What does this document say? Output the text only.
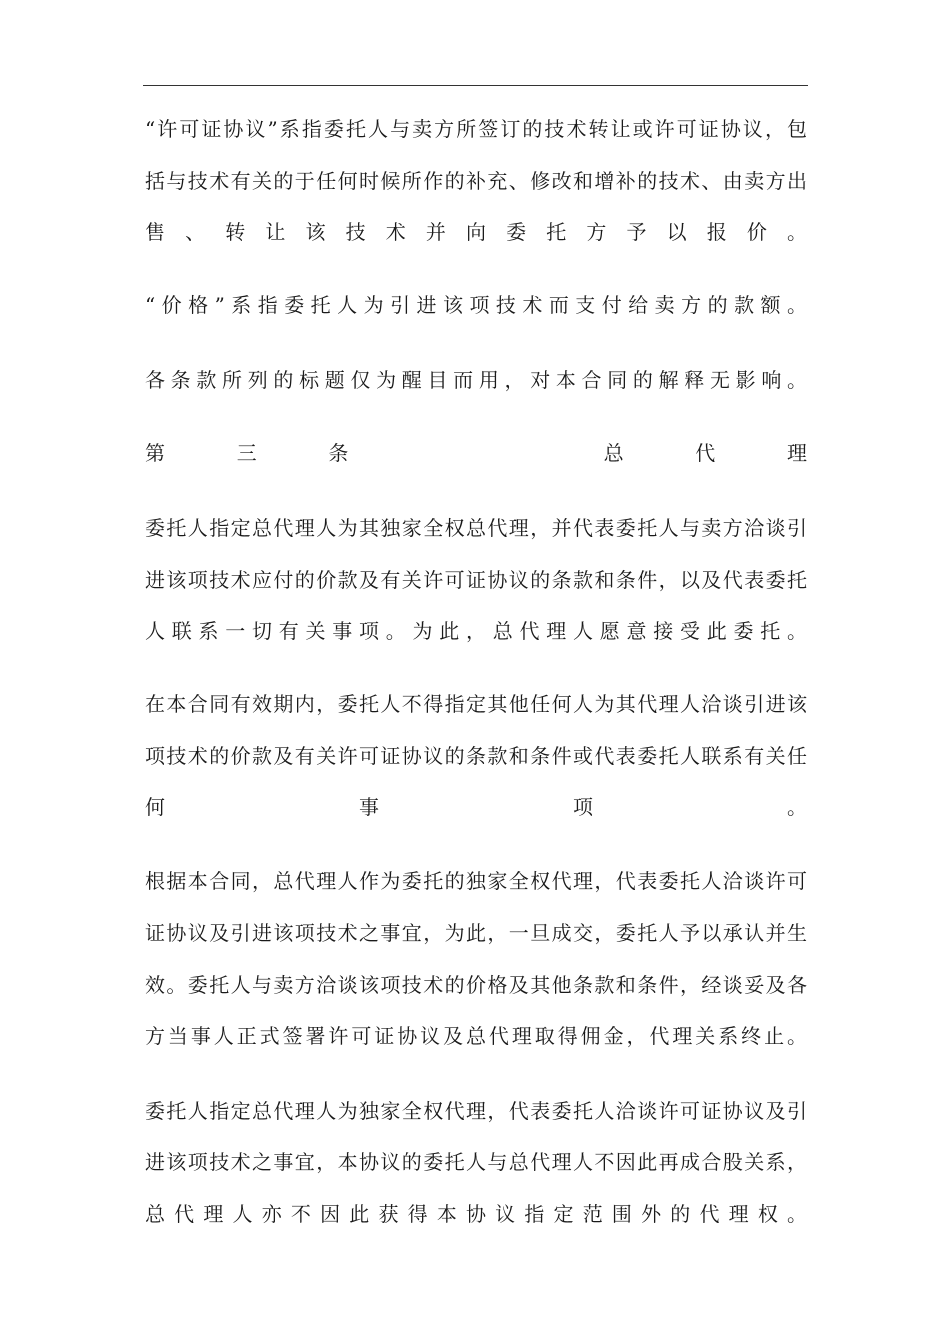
“许可证协议”系指委托人与卖方所签订的技术转让或许可证协议，包
括与技术有关的于任何时候所作的补充、修改和增补的技术、由卖方出
售、转让该技术并向委托方予以报价。
“价格”系指委托人为引进该项技术而支付给卖方的款额。
各条款所列的标题仅为醒目而用，对本合同的解释无影响。
第三条　　总代理
委托人指定总代理人为其独家全权总代理，并代表委托人与卖方洽谈引
进该项技术应付的价款及有关许可证协议的条款和条件，以及代表委托
人联系一切有关事项。为此，总代理人愿意接受此委托。
在本合同有效期内，委托人不得指定其他任何人为其代理人洽谈引进该
项技术的价款及有关许可证协议的条款和条件或代表委托人联系有关任
何事项。
根据本合同，总代理人作为委托的独家全权代理，代表委托人洽谈许可
证协议及引进该项技术之事宜，为此，一旦成交，委托人予以承认并生
效。委托人与卖方洽谈该项技术的价格及其他条款和条件，经谈妥及各
方当事人正式签署许可证协议及总代理取得佣金，代理关系终止。
委托人指定总代理人为独家全权代理，代表委托人洽谈许可证协议及引
进该项技术之事宜，本协议的委托人与总代理人不因此再成合股关系，
总代理人亦不因此获得本协议指定范围外的代理权。
